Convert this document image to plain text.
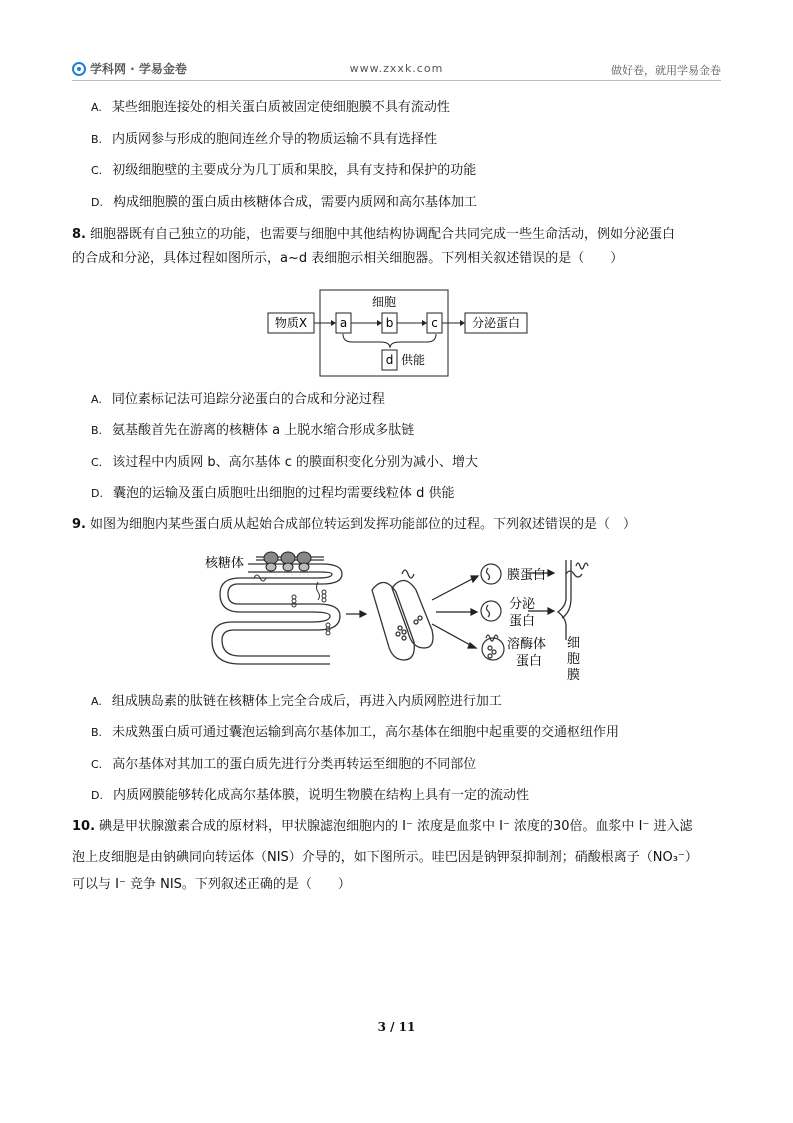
学科网 · 学易金卷	www.zxxk.com	做好卷，就用学易金卷
A. 某些细胞连接处的相关蛋白质被固定使细胞膜不具有流动性
B. 内质网参与形成的胞间连丝介导的物质运输不具有选择性
C. 初级细胞壁的主要成分为几丁质和果胶，具有支持和保护的功能
D. 构成细胞膜的蛋白质由核糖体合成，需要内质网和高尔基体加工
8. 细胞器既有自己独立的功能，也需要与细胞中其他结构协调配合共同完成一些生命活动，例如分泌蛋白
的合成和分泌，具体过程如图所示，a~d 表细胞示相关细胞器。下列相关叙述错误的是（　　）
细胞
物质X	a	b	c
d 供能
分泌蛋白
A. 同位素标记法可追踪分泌蛋白的合成和分泌过程
B. 氨基酸首先在游离的核糖体 a 上脱水缩合形成多肽链
C. 该过程中内质网 b、高尔基体 c 的膜面积变化分别为减小、增大
D. 囊泡的运输及蛋白质胞吐出细胞的过程均需要线粒体 d 供能
9. 如图为细胞内某些蛋白质从起始合成部位转运到发挥功能部位的过程。下列叙述错误的是（　）
核糖体
膜蛋白
分泌
蛋白
溶酶体
蛋白
细
胞
膜
A. 组成胰岛素的肽链在核糖体上完全合成后，再进入内质网腔进行加工
B. 未成熟蛋白质可通过囊泡运输到高尔基体加工，高尔基体在细胞中起重要的交通枢纽作用
C. 高尔基体对其加工的蛋白质先进行分类再转运至细胞的不同部位
D. 内质网膜能够转化成高尔基体膜，说明生物膜在结构上具有一定的流动性
10. 碘是甲状腺激素合成的原材料，甲状腺滤泡细胞内的 I⁻ 浓度是血浆中 I⁻ 浓度的30倍。血浆中 I⁻ 进入滤
泡上皮细胞是由钠碘同向转运体（NIS）介导的，如下图所示。哇巴因是钠钾泵抑制剂；硝酸根离子（NO₃⁻）
可以与 I⁻ 竞争 NIS。下列叙述正确的是（　　）
3 / 11
